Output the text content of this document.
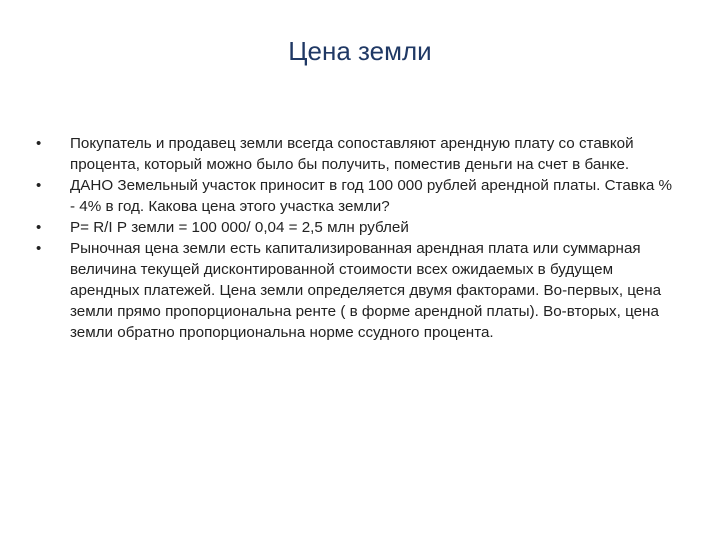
Цена земли
•	Покупатель и продавец земли всегда сопоставляют арендную плату со ставкой процента, который можно было бы получить, поместив деньги на счет в банке.
•	ДАНО Земельный участок приносит в год 100 000 рублей арендной платы. Ставка % - 4% в год. Какова цена этого участка земли?
•	Р= R/I Р земли = 100 000/ 0,04 = 2,5 млн рублей
•	Рыночная цена земли есть капитализированная арендная плата или суммарная величина текущей дисконтированной стоимости всех ожидаемых в будущем арендных платежей. Цена земли определяется двумя факторами. Во-первых, цена земли прямо пропорциональна ренте ( в форме арендной платы). Во-вторых, цена земли обратно пропорциональна норме ссудного процента.
